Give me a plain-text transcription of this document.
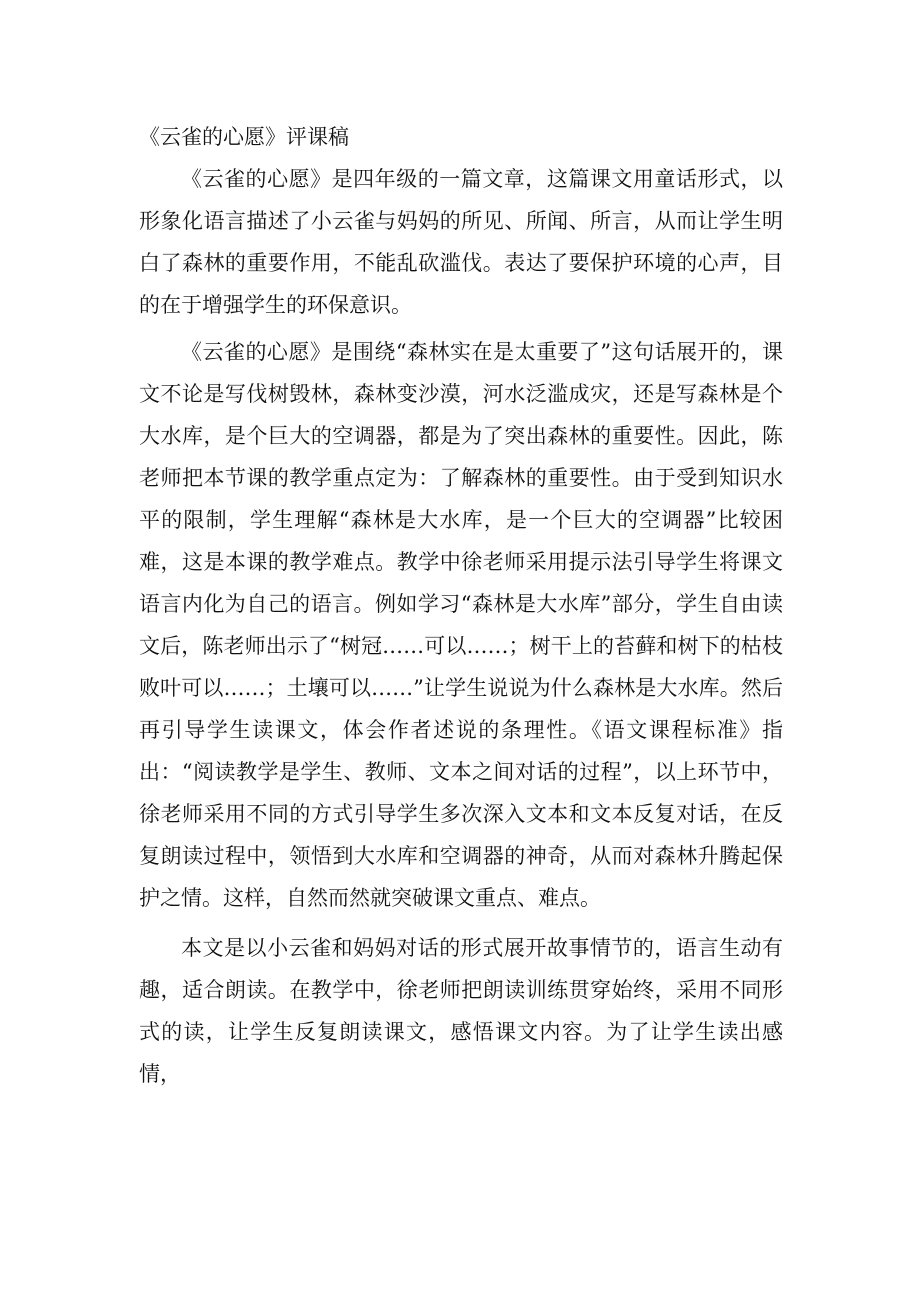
《云雀的心愿》评课稿

《云雀的心愿》是四年级的一篇文章，这篇课文用童话形式，以形象化语言描述了小云雀与妈妈的所见、所闻、所言，从而让学生明白了森林的重要作用，不能乱砍滥伐。表达了要保护环境的心声，目的在于增强学生的环保意识。

《云雀的心愿》是围绕“森林实在是太重要了”这句话展开的，课文不论是写伐树毁林，森林变沙漠，河水泛滥成灾，还是写森林是个大水库，是个巨大的空调器，都是为了突出森林的重要性。因此，陈老师把本节课的教学重点定为：了解森林的重要性。由于受到知识水平的限制，学生理解“森林是大水库，是一个巨大的空调器”比较困难，这是本课的教学难点。教学中徐老师采用提示法引导学生将课文语言内化为自己的语言。例如学习“森林是大水库”部分，学生自由读文后，陈老师出示了“树冠……可以……；树干上的苔藓和树下的枯枝败叶可以……；土壤可以……”让学生说说为什么森林是大水库。然后再引导学生读课文，体会作者述说的条理性。《语文课程标准》指出：“阅读教学是学生、教师、文本之间对话的过程”，以上环节中，徐老师采用不同的方式引导学生多次深入文本和文本反复对话，在反复朗读过程中，领悟到大水库和空调器的神奇，从而对森林升腾起保护之情。这样，自然而然就突破课文重点、难点。

本文是以小云雀和妈妈对话的形式展开故事情节的，语言生动有趣，适合朗读。在教学中，徐老师把朗读训练贯穿始终，采用不同形式的读，让学生反复朗读课文，感悟课文内容。为了让学生读出感情，
